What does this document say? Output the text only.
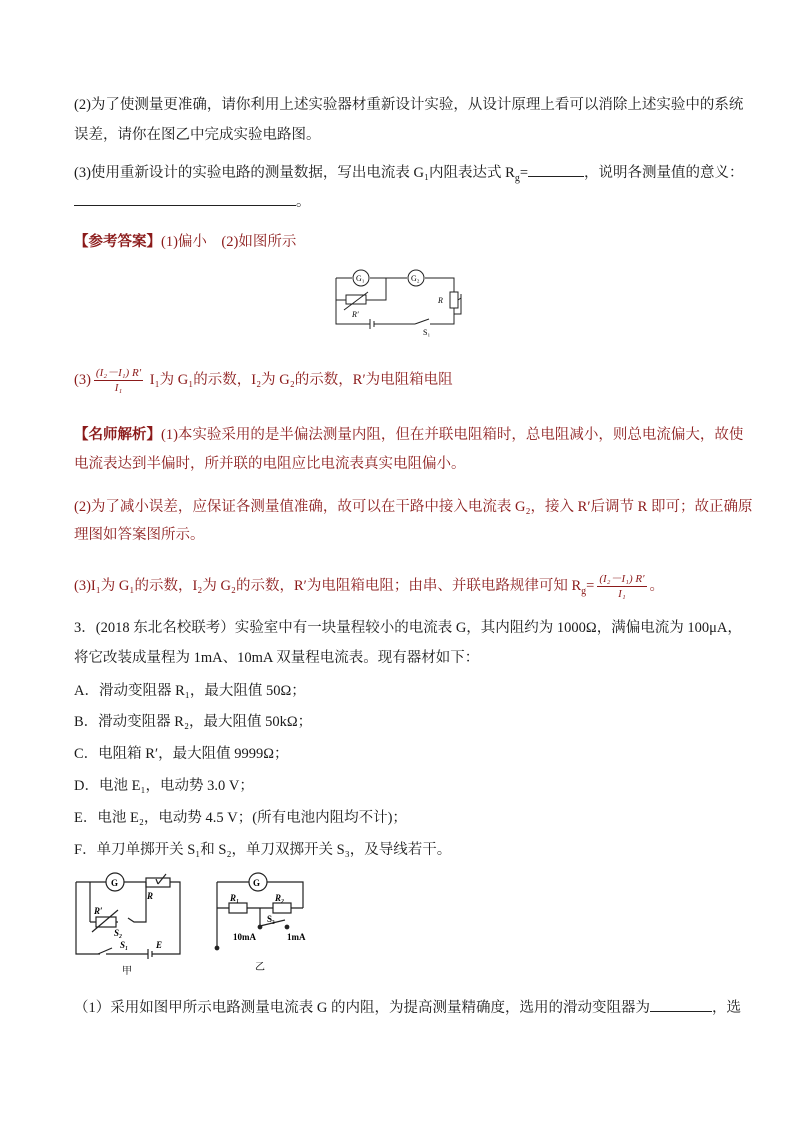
(2)为了使测量更准确，请你利用上述实验器材重新设计实验，从设计原理上看可以消除上述实验中的系统
误差，请你在图乙中完成实验电路图。
(3)使用重新设计的实验电路的测量数据，写出电流表 G₁内阻表达式 $R_g=$	，说明各测量值的意义：
。
【参考答案】(1)偏小　(2)如图所示
G₁	G₂
R′
R
S₁
$(3) \frac{\text{(I₂－I₁) R′}}{\text{I₁}} I_1$为 G₁的示数，I₂为 G₂的示数，R′为电阻箱电阻
【名师解析】(1)本实验采用的是半偏法测量内阻，但在并联电阻箱时，总电阻减小，则总电流偏大，故使
电流表达到半偏时，所并联的电阻应比电流表真实电阻偏小。
(2)为了减小误差，应保证各测量值准确，故可以在干路中接入电流表 G₂，接入 R′后调节 R 即可；故正确原
理图如答案图所示。
(3)I₁为 G₁的示数，I₂为 G₂的示数，R′为电阻箱电阻；由串、并联电路规律可知 $R_g= \frac{\text{(I₂－I₁) R′}}{\text{I₁}}$ 。
3．(2018 东北名校联考）实验室中有一块量程较小的电流表 G，其内阻约为 1000Ω，满偏电流为 100μA，
将它改装成量程为 1mA、10mA 双量程电流表。现有器材如下：
A．滑动变阻器 R₁，最大阻值 50Ω；
B．滑动变阻器 R₂，最大阻值 50kΩ；
C．电阻箱 R′，最大阻值 9999Ω；
D．电池 E₁，电动势 3.0 V；
E．电池 E₂，电动势 4.5 V；(所有电池内阻均不计)；
F．单刀单掷开关 S₁和 S₂，单刀双掷开关 S₃，及导线若干。
G
R′
R
S₂
S₁	E
甲
G
R₁	R₂
S₃
10mA	1mA
乙
（1）采用如图甲所示电路测量电流表 G 的内阻，为提高测量精确度，选用的滑动变阻器为	，选
